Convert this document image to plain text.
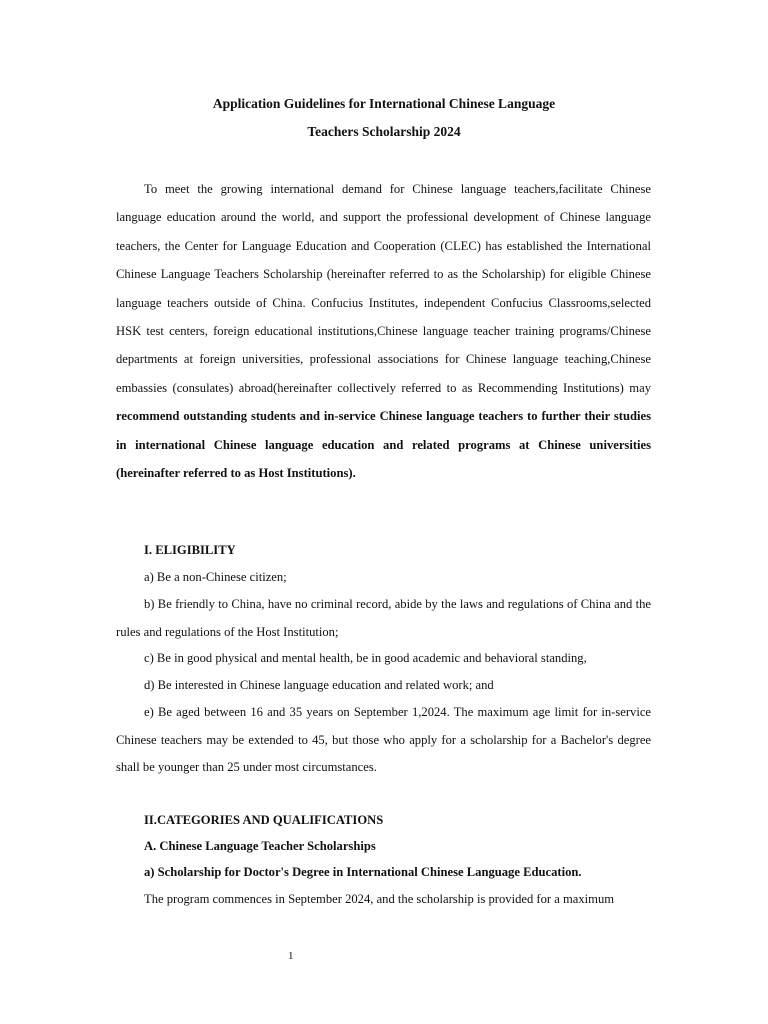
Application Guidelines for International Chinese Language

Teachers Scholarship 2024

To meet the growing international demand for Chinese language teachers,facilitate Chinese language education around the world, and support the professional development of Chinese language teachers, the Center for Language Education and Cooperation (CLEC) has established the International Chinese Language Teachers Scholarship (hereinafter referred to as the Scholarship) for eligible Chinese language teachers outside of China. Confucius Institutes, independent Confucius Classrooms,selected HSK test centers, foreign educational institutions,Chinese language teacher training programs/Chinese departments at foreign universities, professional associations for Chinese language teaching,Chinese embassies (consulates) abroad(hereinafter collectively referred to as Recommending Institutions) may recommend outstanding students and in-service Chinese language teachers to further their studies in international Chinese language education and related programs at Chinese universities (hereinafter referred to as Host Institutions).

I. ELIGIBILITY

a) Be a non-Chinese citizen;

b) Be friendly to China, have no criminal record, abide by the laws and regulations of China and the rules and regulations of the Host Institution;

c) Be in good physical and mental health, be in good academic and behavioral standing,

d) Be interested in Chinese language education and related work; and

e) Be aged between 16 and 35 years on September 1,2024. The maximum age limit for in-service Chinese teachers may be extended to 45, but those who apply for a scholarship for a Bachelor's degree shall be younger than 25 under most circumstances.

II.CATEGORIES AND QUALIFICATIONS

A. Chinese Language Teacher Scholarships

a) Scholarship for Doctor's Degree in International Chinese Language Education.

The program commences in September 2024, and the scholarship is provided for a maximum

1
